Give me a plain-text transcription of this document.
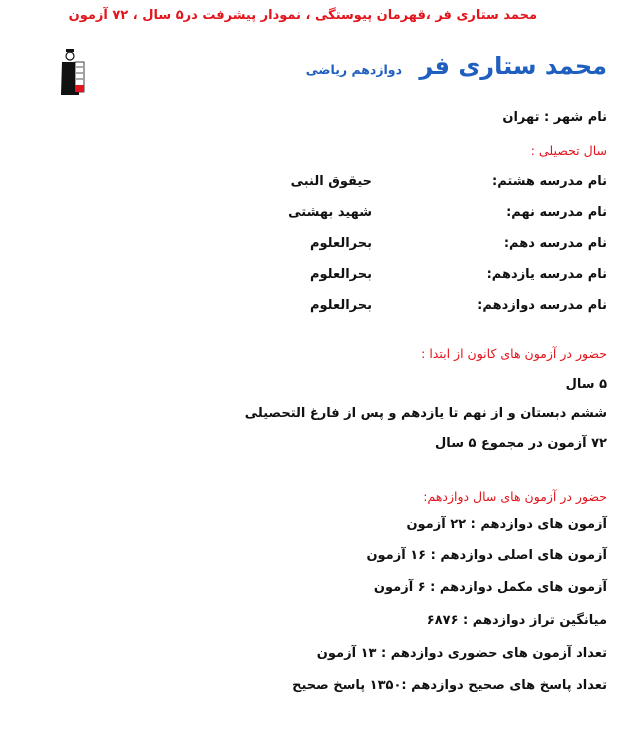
محمد ستاری فر ،قهرمان پیوستگی ، نمودار پیشرفت در۵ سال ، ۷۲ آزمون
محمد ستاری فر
دوازدهم ریاضی
نام شهر : تهران
سال تحصیلی :
نام مدرسه هشتم:
حیقوق النبی
نام مدرسه نهم:
شهید بهشتی
نام مدرسه دهم:
بحرالعلوم
نام مدرسه یازدهم:
بحرالعلوم
نام مدرسه دوازدهم:
بحرالعلوم
حضور در آزمون های کانون از ابتدا :
۵ سال
ششم دبستان و از نهم تا یازدهم و پس از فارغ التحصیلی
۷۲ آزمون در مجموع ۵ سال
حضور در آزمون های سال دوازدهم:
آزمون های دوازدهم : ۲۲ آزمون
آزمون های اصلی دوازدهم : ۱۶ آزمون
آزمون های مکمل دوازدهم : ۶ آزمون
میانگین تراز دوازدهم : ۶۸۷۶
تعداد آزمون های حضوری دوازدهم : ۱۳ آزمون
تعداد پاسخ های صحیح دوازدهم :۱۳۵۰ پاسخ صحیح
